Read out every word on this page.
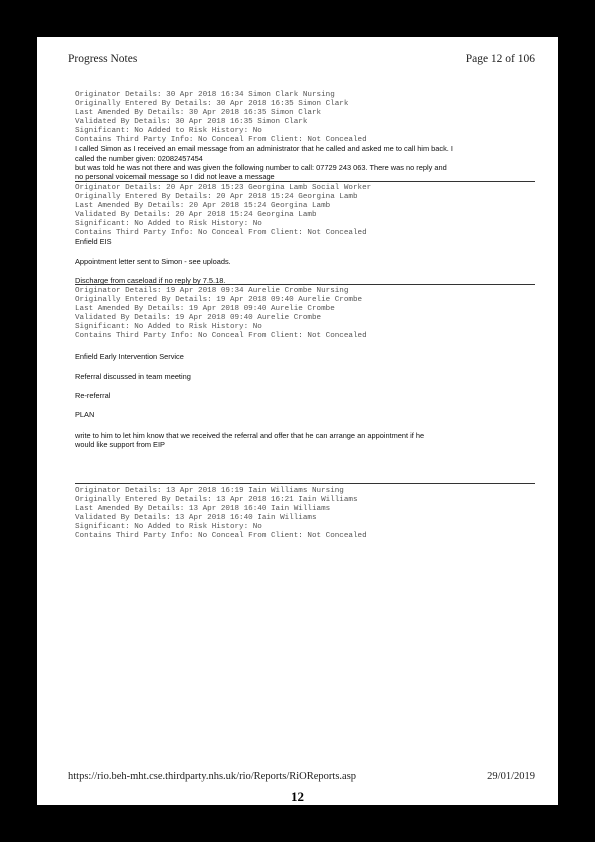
Progress Notes	Page 12 of 106
Originator Details: 30 Apr 2018 16:34 Simon Clark Nursing
Originally Entered By Details: 30 Apr 2018 16:35 Simon Clark
Last Amended By Details: 30 Apr 2018 16:35 Simon Clark
Validated By Details: 30 Apr 2018 16:35 Simon Clark
Significant: No Added to Risk History: No
Contains Third Party Info: No Conceal From Client: Not Concealed
I called Simon as I received an email message from an administrator that he called and asked me to call him back. I
called the number given: 02082457454
but was told he was not there and was given the following number to call: 07729 243 063. There was no reply and
no personal voicemail message so I did not leave a message
Originator Details: 20 Apr 2018 15:23 Georgina Lamb Social Worker
Originally Entered By Details: 20 Apr 2018 15:24 Georgina Lamb
Last Amended By Details: 20 Apr 2018 15:24 Georgina Lamb
Validated By Details: 20 Apr 2018 15:24 Georgina Lamb
Significant: No Added to Risk History: No
Contains Third Party Info: No Conceal From Client: Not Concealed
Enfield EIS
Appointment letter sent to Simon - see uploads.
Discharge from caseload if no reply by 7.5.18.
Originator Details: 19 Apr 2018 09:34 Aurelie Crombe Nursing
Originally Entered By Details: 19 Apr 2018 09:40 Aurelie Crombe
Last Amended By Details: 19 Apr 2018 09:40 Aurelie Crombe
Validated By Details: 19 Apr 2018 09:40 Aurelie Crombe
Significant: No Added to Risk History: No
Contains Third Party Info: No Conceal From Client: Not Concealed
Enfield Early Intervention Service
Referral discussed in team meeting
Re-referral
PLAN
write to him to let him know that we received the referral and offer that he can arrange an appointment if he
would like support from EIP
Originator Details: 13 Apr 2018 16:19 Iain Williams Nursing
Originally Entered By Details: 13 Apr 2018 16:21 Iain Williams
Last Amended By Details: 13 Apr 2018 16:40 Iain Williams
Validated By Details: 13 Apr 2018 16:40 Iain Williams
Significant: No Added to Risk History: No
Contains Third Party Info: No Conceal From Client: Not Concealed
https://rio.beh-mht.cse.thirdparty.nhs.uk/rio/Reports/RiOReports.asp	29/01/2019
12
